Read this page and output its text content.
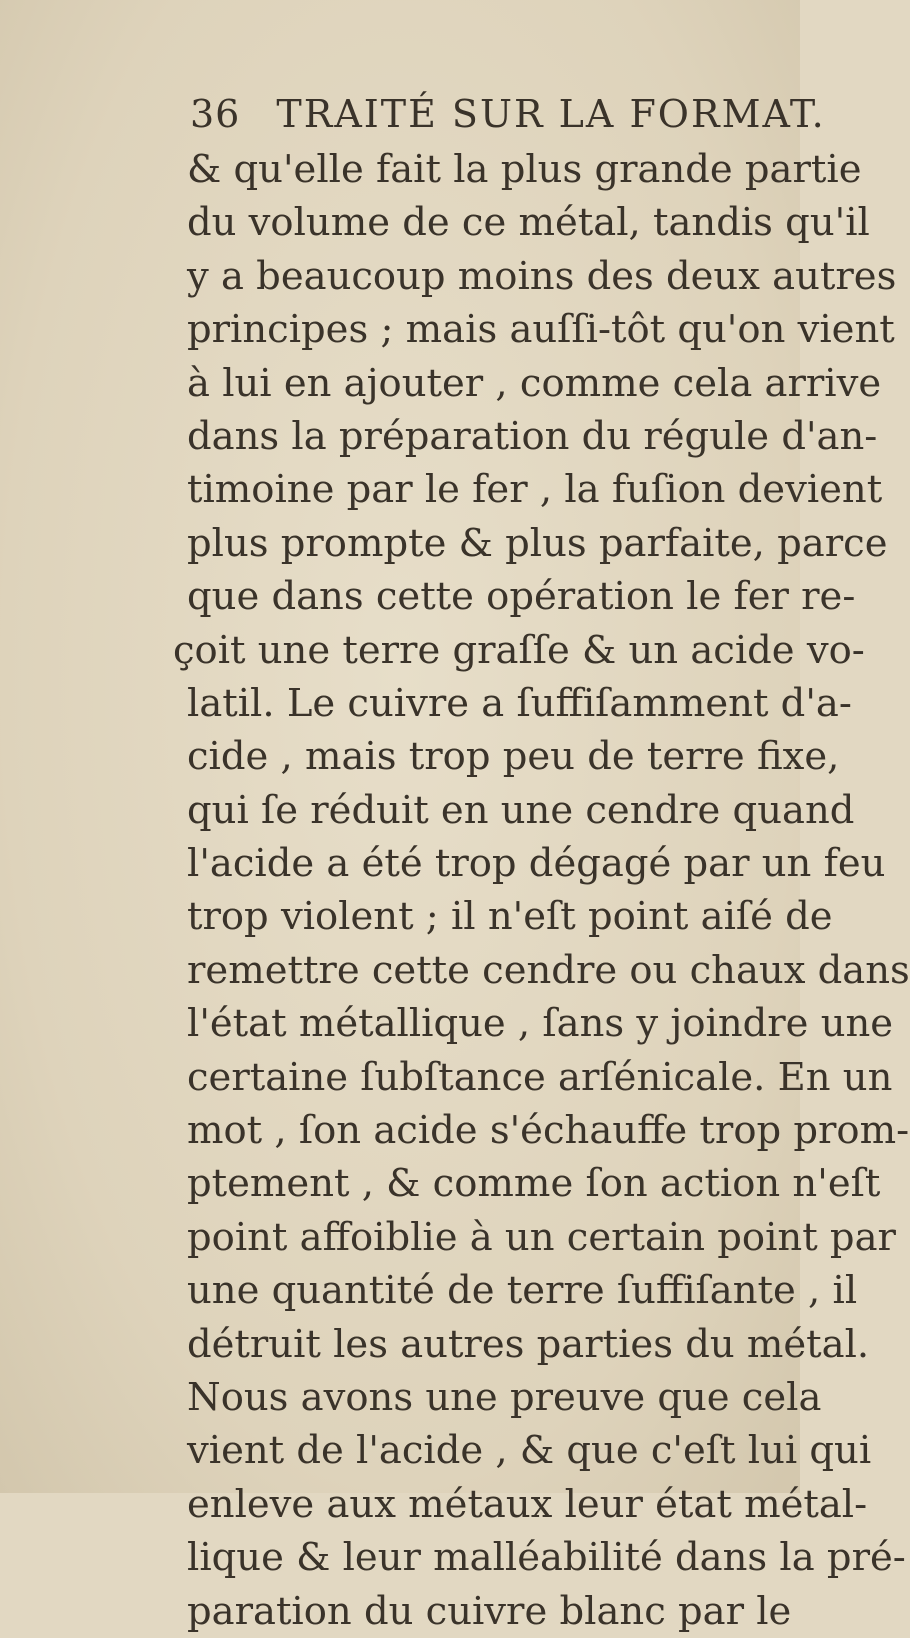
36 TRAITÉ SUR LA FORMAT.
& qu'elle fait la plus grande partie
du volume de ce métal, tandis qu'il
y a beaucoup moins des deux autres
principes ; mais auſſi-tôt qu'on vient
à lui en ajouter , comme cela arrive
dans la préparation du régule d'an-
timoine par le fer , la fuſion devient
plus prompte & plus parfaite, parce
que dans cette opération le fer re-
çoit une terre graſſe & un acide vo-
latil. Le cuivre a ſuffiſamment d'a-
cide , mais trop peu de terre fixe,
qui ſe réduit en une cendre quand
l'acide a été trop dégagé par un feu
trop violent ; il n'eſt point aiſé de
remettre cette cendre ou chaux dans
l'état métallique , ſans y joindre une
certaine ſubſtance arſénicale. En un
mot , ſon acide s'échauffe trop prom-
ptement , & comme ſon action n'eſt
point affoiblie à un certain point par
une quantité de terre ſuffiſante , il
détruit les autres parties du métal.
Nous avons une preuve que cela
vient de l'acide , & que c'eſt lui qui
enleve aux métaux leur état métal-
lique & leur malléabilité dans la pré-
paration du cuivre blanc par le
